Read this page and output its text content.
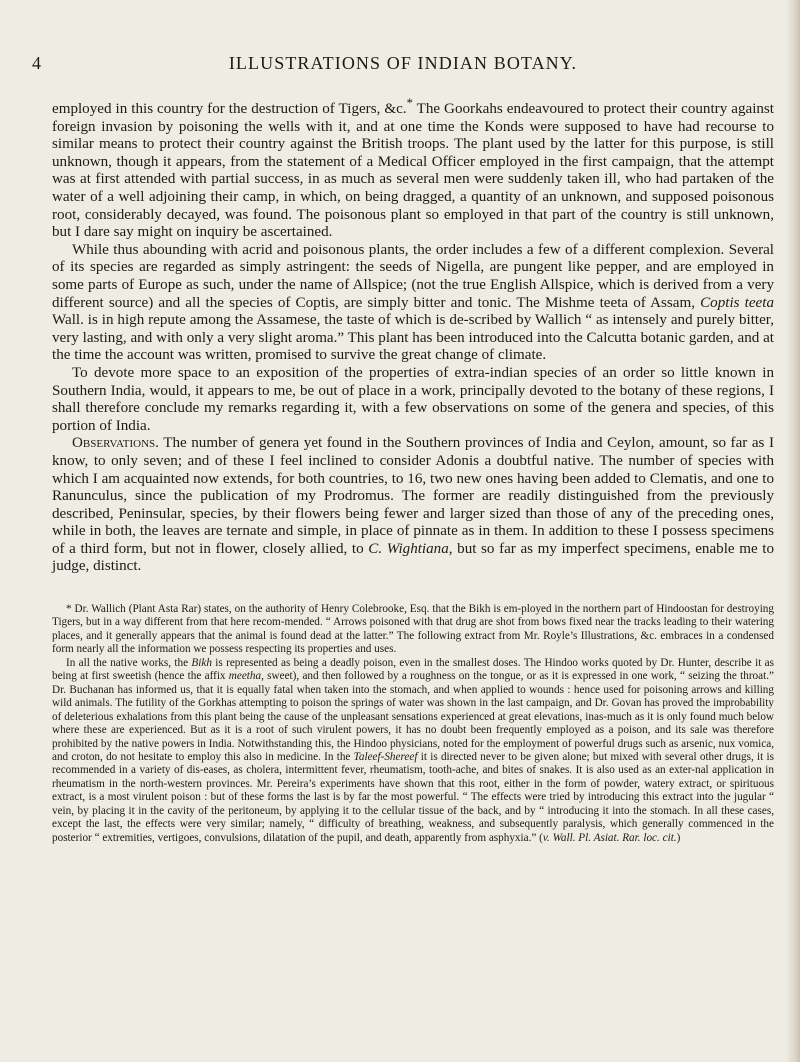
ILLUSTRATIONS OF INDIAN BOTANY.
4

employed in this country for the destruction of Tigers, &c.* The Goorkahs endeavoured to protect their country against foreign invasion by poisoning the wells with it, and at one time the Konds were supposed to have had recourse to similar means to protect their country against the British troops. The plant used by the latter for this purpose, is still unknown, though it appears, from the statement of a Medical Officer employed in the first campaign, that the attempt was at first attended with partial success, in as much as several men were suddenly taken ill, who had partaken of the water of a well adjoining their camp, in which, on being dragged, a quantity of an unknown, and supposed poisonous root, considerably decayed, was found. The poisonous plant so employed in that part of the country is still unknown, but I dare say might on inquiry be ascertained.

While thus abounding with acrid and poisonous plants, the order includes a few of a different complexion. Several of its species are regarded as simply astringent: the seeds of Nigella, are pungent like pepper, and are employed in some parts of Europe as such, under the name of Allspice; (not the true English Allspice, which is derived from a very different source) and all the species of Coptis, are simply bitter and tonic. The Mishme teeta of Assam, Coptis teeta Wall. is in high repute among the Assamese, the taste of which is de-scribed by Wallich “ as intensely and purely bitter, very lasting, and with only a very slight aroma.” This plant has been introduced into the Calcutta botanic garden, and at the time the account was written, promised to survive the great change of climate.

To devote more space to an exposition of the properties of extra-indian species of an order so little known in Southern India, would, it appears to me, be out of place in a work, principally devoted to the botany of these regions, I shall therefore conclude my remarks regarding it, with a few observations on some of the genera and species, of this portion of India.

Observations. The number of genera yet found in the Southern provinces of India and Ceylon, amount, so far as I know, to only seven; and of these I feel inclined to consider Adonis a doubtful native. The number of species with which I am acquainted now extends, for both countries, to 16, two new ones having been added to Clematis, and one to Ranunculus, since the publication of my Prodromus. The former are readily distinguished from the previously described, Peninsular, species, by their flowers being fewer and larger sized than those of any of the preceding ones, while in both, the leaves are ternate and simple, in place of pinnate as in them. In addition to these I possess specimens of a third form, but not in flower, closely allied, to C. Wightiana, but so far as my imperfect specimens, enable me to judge, distinct.

* Dr. Wallich (Plant Asta Rar) states, on the authority of Henry Colebrooke, Esq. that the Bikh is em-ployed in the northern part of Hindoostan for destroying Tigers, but in a way different from that here recom-mended. “ Arrows poisoned with that drug are shot from bows fixed near the tracks leading to their watering places, and it generally appears that the animal is found dead at the latter.” The following extract from Mr. Royle’s Illustrations, &c. embraces in a condensed form nearly all the information we possess respecting its properties and uses.

In all the native works, the Bikh is represented as being a deadly poison, even in the smallest doses. The Hindoo works quoted by Dr. Hunter, describe it as being at first sweetish (hence the affix meetha, sweet), and then followed by a roughness on the tongue, or as it is expressed in one work, “ seizing the throat.” Dr. Buchanan has informed us, that it is equally fatal when taken into the stomach, and when applied to wounds : hence used for poisoning arrows and killing wild animals. The futility of the Gorkhas attempting to poison the springs of water was shown in the last campaign, and Dr. Govan has proved the improbability of deleterious exhalations from this plant being the cause of the unpleasant sensations experienced at great elevations, inas-much as it is only found much below where these are experienced. But as it is a root of such virulent powers, it has no doubt been frequently employed as a poison, and its sale was therefore prohibited by the native powers in India. Notwithstanding this, the Hindoo physicians, noted for the employment of powerful drugs such as arsenic, nux vomica, and croton, do not hesitate to employ this also in medicine. In the Taleef-Shereef it is directed never to be given alone; but mixed with several other drugs, it is recommended in a variety of dis-eases, as cholera, intermittent fever, rheumatism, tooth-ache, and bites of snakes. It is also used as an exter-nal application in rheumatism in the north-western provinces. Mr. Pereira’s experiments have shown that this root, either in the form of powder, watery extract, or spirituous extract, is a most virulent poison : but of these forms the last is by far the most powerful. “ The effects were tried by introducing this extract into the jugular “ vein, by placing it in the cavity of the peritoneum, by applying it to the cellular tissue of the back, and by “ introducing it into the stomach. In all these cases, except the last, the effects were very similar; namely, “ difficulty of breathing, weakness, and subsequently paralysis, which generally commenced in the posterior “ extremities, vertigoes, convulsions, dilatation of the pupil, and death, apparently from asphyxia.” (v. Wall. Pl. Asiat. Rar. loc. cit.)
